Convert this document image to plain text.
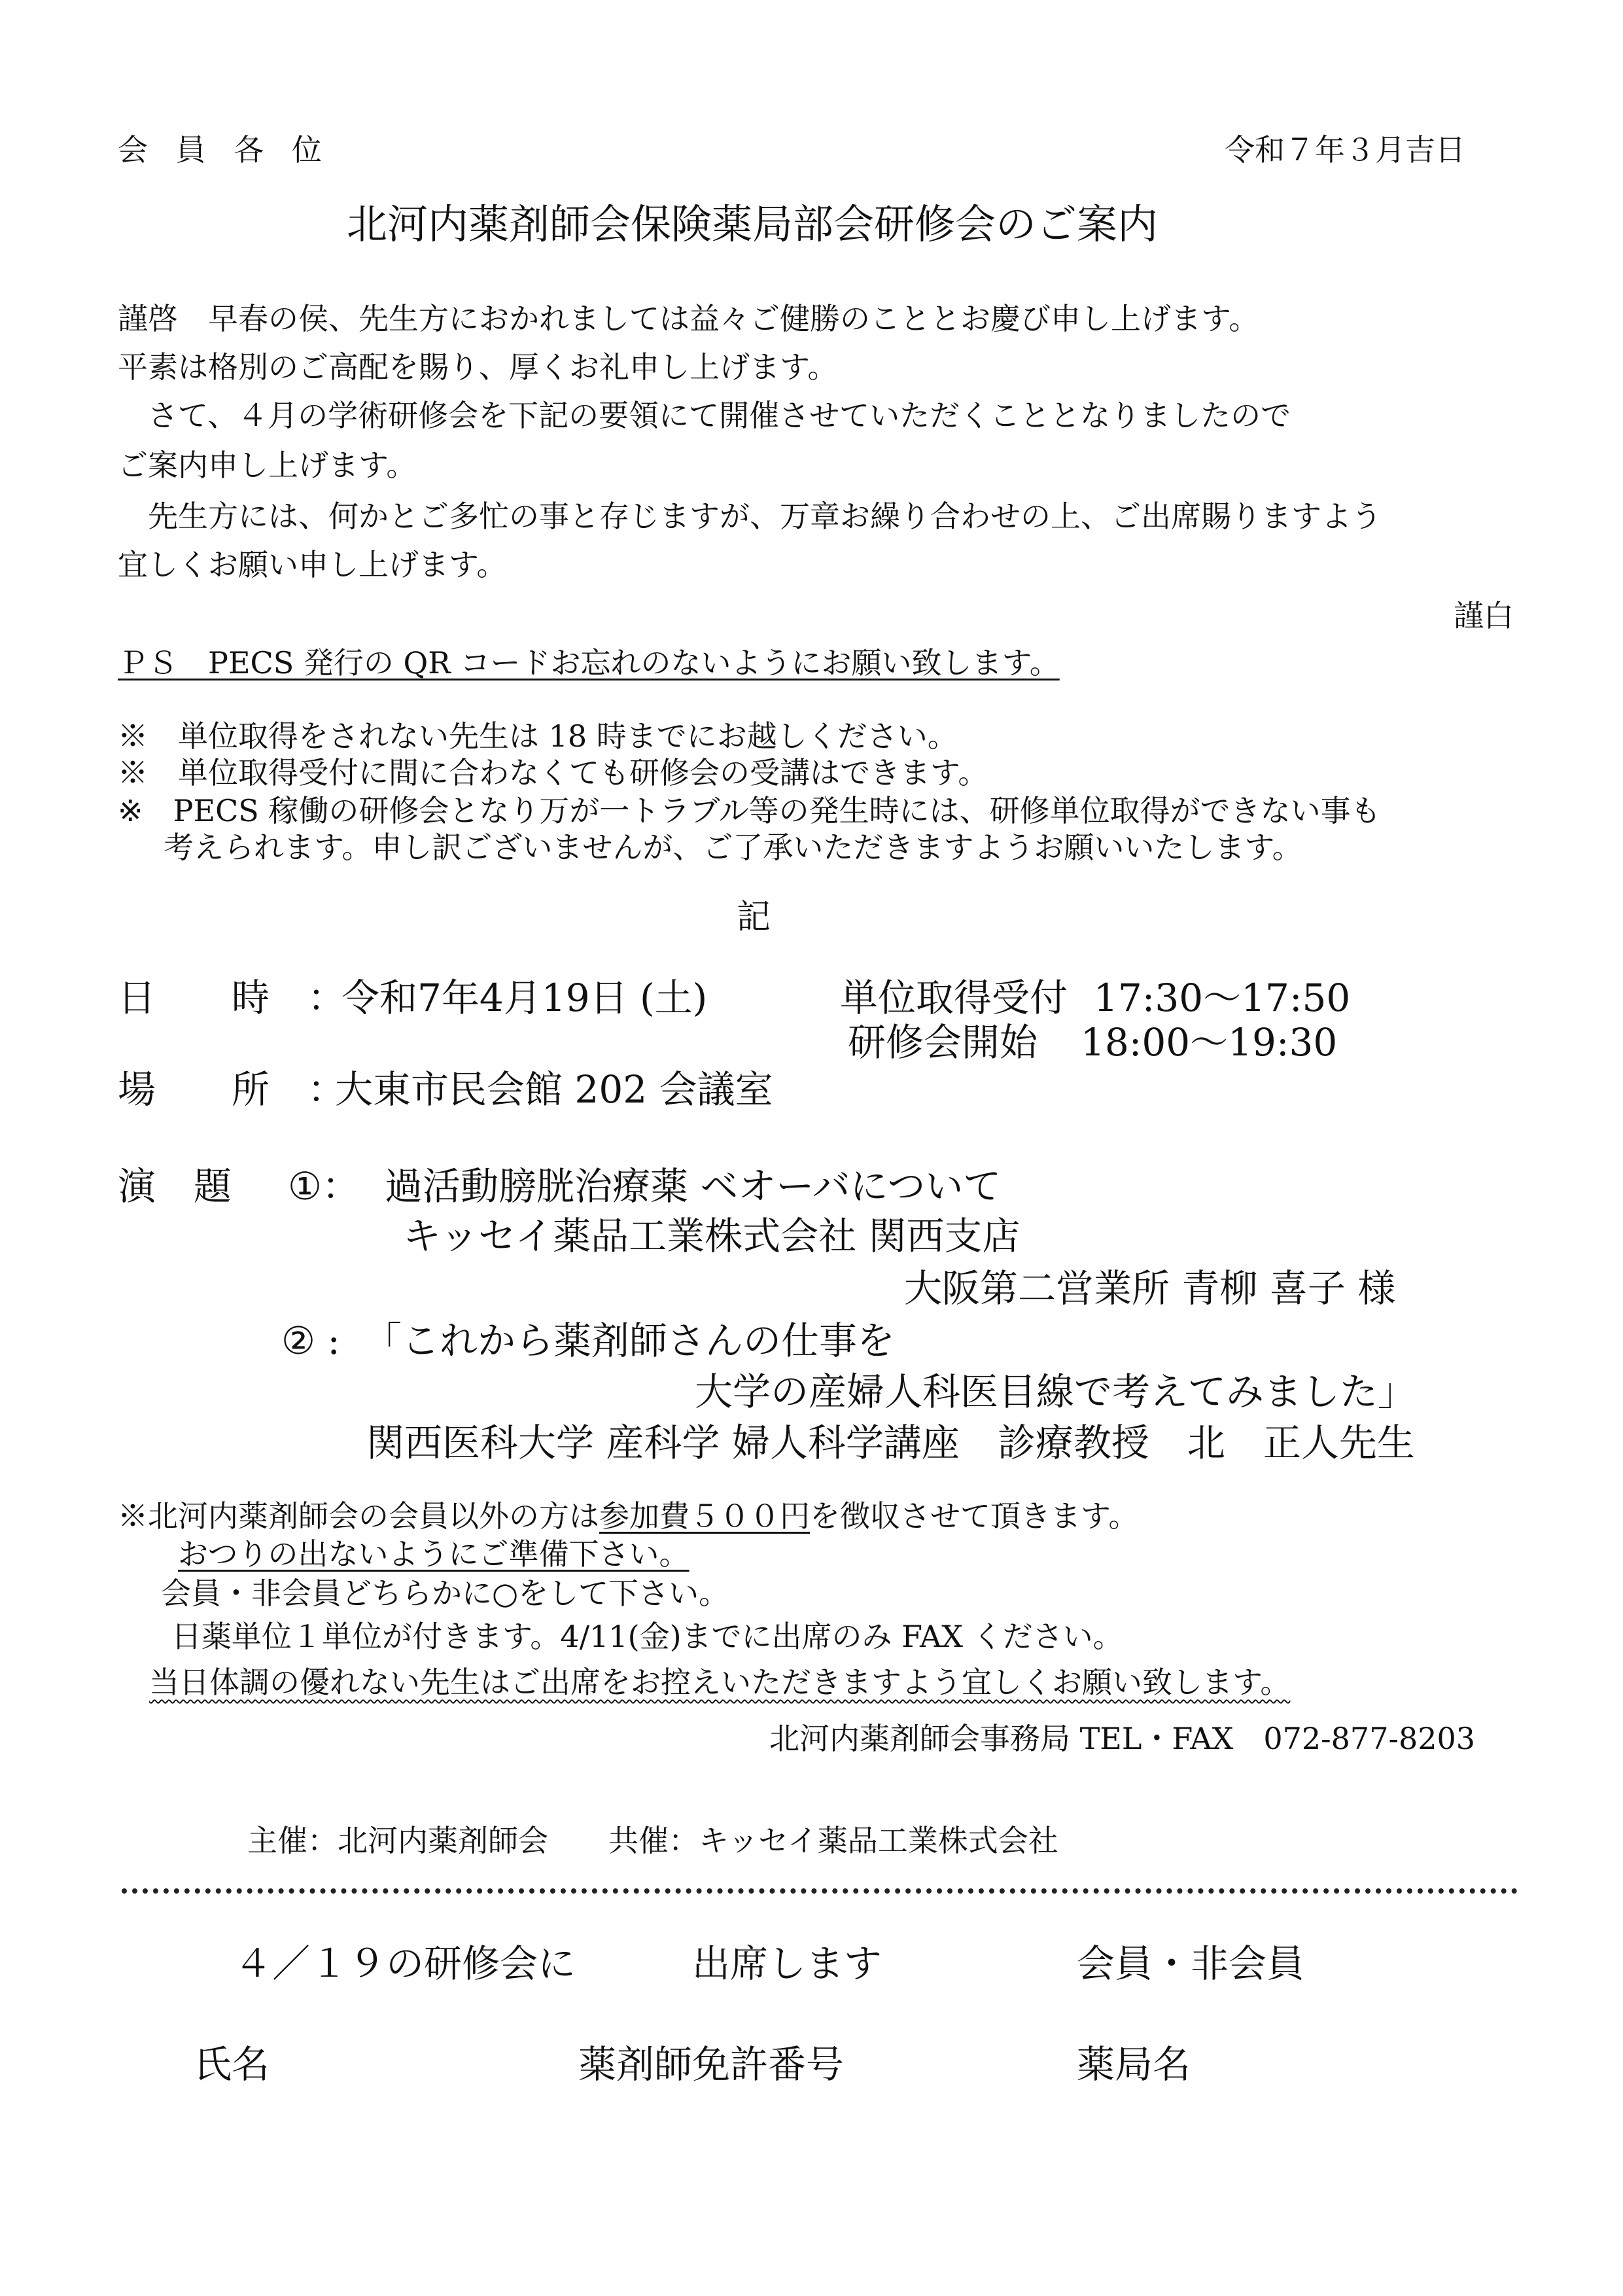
会 員 各 位	令和７年３月吉日
北河内薬剤師会保険薬局部会研修会のご案内
謹啓　早春の侯、先生方におかれましては益々ご健勝のこととお慶び申し上げます。
平素は格別のご高配を賜り、厚くお礼申し上げます。
　さて、４月の学術研修会を下記の要領にて開催させていただくこととなりましたので
ご案内申し上げます。
　先生方には、何かとご多忙の事と存じますが、万章お繰り合わせの上、ご出席賜りますよう
宜しくお願い申し上げます。
謹白
ＰＳ　PECS 発行の QR コードお忘れのないようにお願い致します。
※　単位取得をされない先生は 18 時までにお越しください。
※　単位取得受付に間に合わなくても研修会の受講はできます。
※　PECS 稼働の研修会となり万が一トラブル等の発生時には、研修単位取得ができない事も
考えられます。申し訳ございませんが、ご了承いただきますようお願いいたします。
記
日　　時　：
令和7年4月19日 (土)	単位取得受付 17:30〜17:50
研修会開始 18:00〜19:30
場　　所　：
大東市民会館 202 会議室
演　題 ①： 過活動膀胱治療薬 ベオーバについて
キッセイ薬品工業株式会社 関西支店
大阪第二営業所 青柳 喜子 様
② : 「これから薬剤師さんの仕事を
大学の産婦人科医目線で考えてみました」
関西医科大学 産科学 婦人科学講座　診療教授　北　正人先生
※北河内薬剤師会の会員以外の方は参加費５００円を徴収させて頂きます。
おつりの出ないようにご準備下さい。
会員・非会員どちらかに○をして下さい。
日薬単位１単位が付きます。4/11(金)までに出席のみ FAX ください。
当日体調の優れない先生はご出席をお控えいただきますよう宜しくお願い致します。
北河内薬剤師会事務局 TEL・FAX　072-877-8203
主催：北河内薬剤師会　　共催：キッセイ薬品工業株式会社
４／１９の研修会に	出席します	会員・非会員
氏名	薬剤師免許番号	薬局名
